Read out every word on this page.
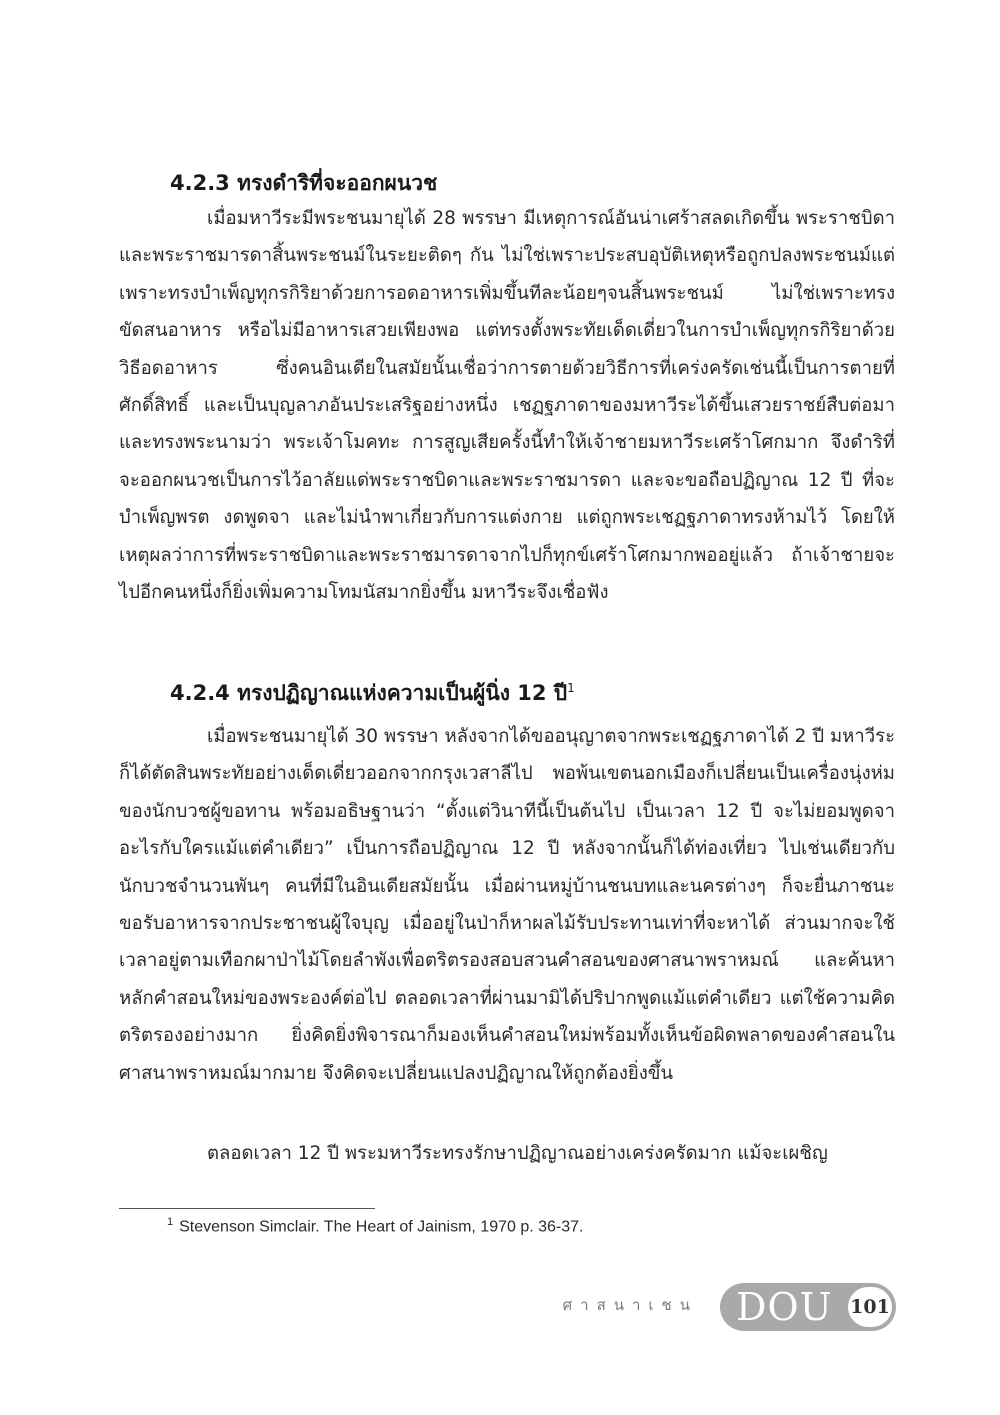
4.2.3 ทรงดำริที่จะออกผนวช
เมื่อมหาวีระมีพระชนมายุได้ 28 พรรษา มีเหตุการณ์อันน่าเศร้าสลดเกิดขึ้น พระราชบิดาและพระราชมารดาสิ้นพระชนม์ในระยะติดๆ กัน ไม่ใช่เพราะประสบอุบัติเหตุหรือถูกปลงพระชนม์แต่เพราะทรงบำเพ็ญทุกรกิริยาด้วยการอดอาหารเพิ่มขึ้นทีละน้อยๆจนสิ้นพระชนม์ ไม่ใช่เพราะทรงขัดสนอาหาร หรือไม่มีอาหารเสวยเพียงพอ แต่ทรงตั้งพระทัยเด็ดเดี่ยวในการบำเพ็ญทุกรกิริยาด้วยวิธีอดอาหาร ซึ่งคนอินเดียในสมัยนั้นเชื่อว่าการตายด้วยวิธีการที่เคร่งครัดเช่นนี้เป็นการตายที่ศักดิ์สิทธิ์ และเป็นบุญลาภอันประเสริฐอย่างหนึ่ง เชฏฐภาดาของมหาวีระได้ขึ้นเสวยราชย์สืบต่อมาและทรงพระนามว่า พระเจ้าโมคทะ การสูญเสียครั้งนี้ทำให้เจ้าชายมหาวีระเศร้าโศกมาก จึงดำริที่จะออกผนวชเป็นการไว้อาลัยแด่พระราชบิดาและพระราชมารดา และจะขอถือปฏิญาณ 12 ปี ที่จะบำเพ็ญพรต งดพูดจา และไม่นำพาเกี่ยวกับการแต่งกาย แต่ถูกพระเชฏฐภาดาทรงห้ามไว้ โดยให้เหตุผลว่าการที่พระราชบิดาและพระราชมารดาจากไปก็ทุกข์เศร้าโศกมากพออยู่แล้ว ถ้าเจ้าชายจะไปอีกคนหนึ่งก็ยิ่งเพิ่มความโทมนัสมากยิ่งขึ้น มหาวีระจึงเชื่อฟัง
4.2.4 ทรงปฏิญาณแห่งความเป็นผู้นิ่ง 12 ปี$^1$
เมื่อพระชนมายุได้ 30 พรรษา หลังจากได้ขออนุญาตจากพระเชฏฐภาดาได้ 2 ปี มหาวีระก็ได้ตัดสินพระทัยอย่างเด็ดเดี่ยวออกจากกรุงเวสาลีไป พอพ้นเขตนอกเมืองก็เปลี่ยนเป็นเครื่องนุ่งห่มของนักบวชผู้ขอทาน พร้อมอธิษฐานว่า “ตั้งแต่วินาทีนี้เป็นต้นไป เป็นเวลา 12 ปี จะไม่ยอมพูดจาอะไรกับใครแม้แต่คำเดียว” เป็นการถือปฏิญาณ 12 ปี หลังจากนั้นก็ได้ท่องเที่ยว ไปเช่นเดียวกับนักบวชจำนวนพันๆ คนที่มีในอินเดียสมัยนั้น เมื่อผ่านหมู่บ้านชนบทและนครต่างๆ ก็จะยื่นภาชนะขอรับอาหารจากประชาชนผู้ใจบุญ เมื่ออยู่ในป่าก็หาผลไม้รับประทานเท่าที่จะหาได้ ส่วนมากจะใช้เวลาอยู่ตามเทือกผาป่าไม้โดยลำพังเพื่อตริตรองสอบสวนคำสอนของศาสนาพราหมณ์ และค้นหาหลักคำสอนใหม่ของพระองค์ต่อไป ตลอดเวลาที่ผ่านมามิได้ปริปากพูดแม้แต่คำเดียว แต่ใช้ความคิดตริตรองอย่างมาก ยิ่งคิดยิ่งพิจารณาก็มองเห็นคำสอนใหม่พร้อมทั้งเห็นข้อผิดพลาดของคำสอนในศาสนาพราหมณ์มากมาย จึงคิดจะเปลี่ยนแปลงปฏิญาณให้ถูกต้องยิ่งขึ้น
ตลอดเวลา 12 ปี พระมหาวีระทรงรักษาปฏิญาณอย่างเคร่งครัดมาก แม้จะเผชิญ
$^1$ Stevenson Simclair. The Heart of Jainism, 1970 p. 36-37.
ศาสนาเชน DOU 101
